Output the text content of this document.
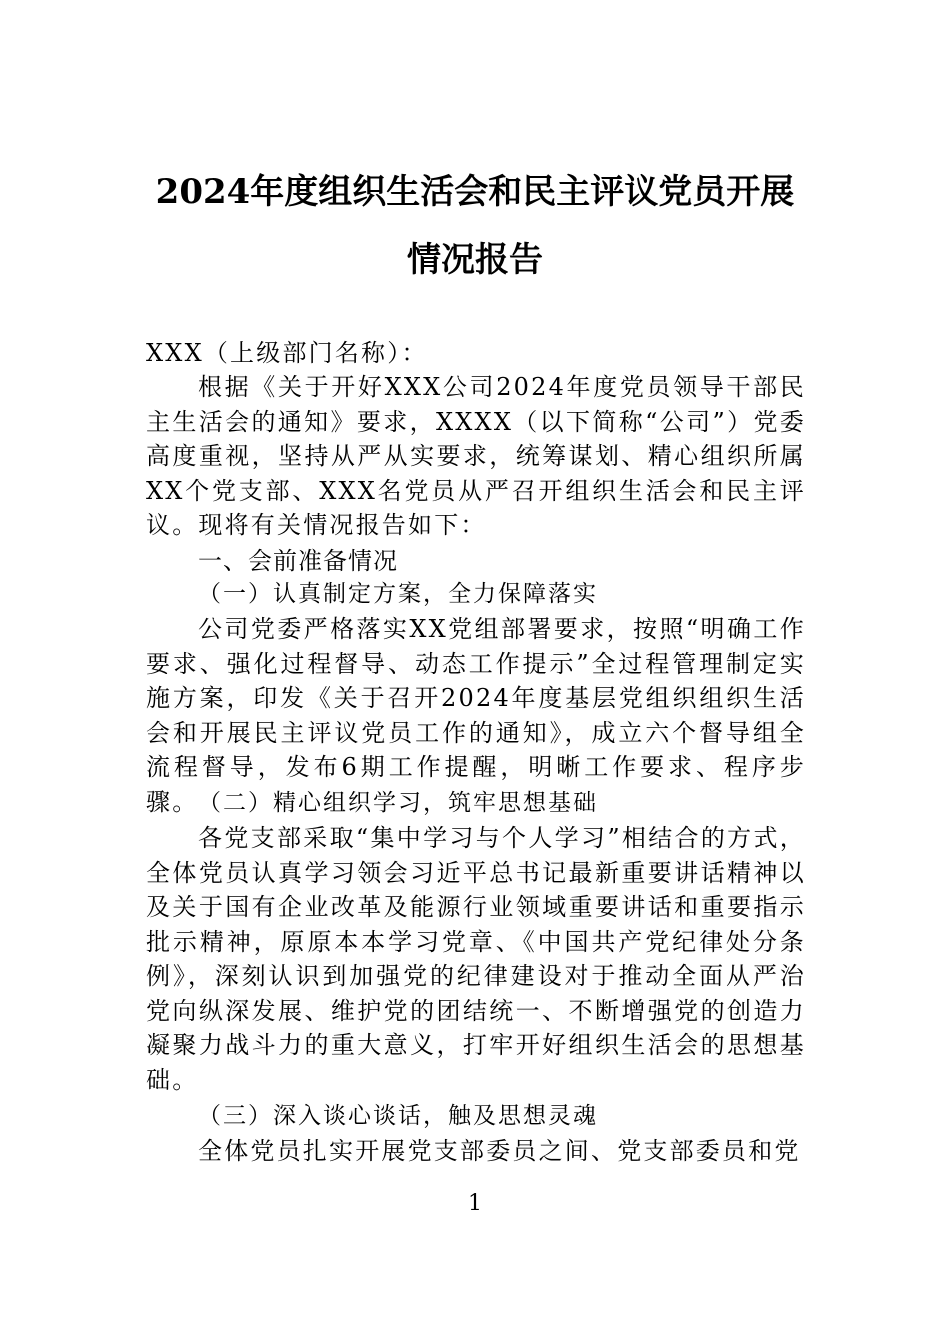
2024年度组织生活会和民主评议党员开展
情况报告
XXX（上级部门名称）：
根据《关于开好XXX公司2024年度党员领导干部民主生活会的通知》要求，XXXX（以下简称“公司”）党委高度重视，坚持从严从实要求，统筹谋划、精心组织所属XX个党支部、XXX名党员从严召开组织生活会和民主评议。现将有关情况报告如下：
一、会前准备情况
（一）认真制定方案，全力保障落实
公司党委严格落实XX党组部署要求，按照“明确工作要求、强化过程督导、动态工作提示”全过程管理制定实施方案，印发《关于召开2024年度基层党组织组织生活会和开展民主评议党员工作的通知》，成立六个督导组全流程督导，发布6期工作提醒，明晰工作要求、程序步骤。 （二）精心组织学习，筑牢思想基础
各党支部采取“集中学习与个人学习”相结合的方式，全体党员认真学习领会习近平总书记最新重要讲话精神以及关于国有企业改革及能源行业领域重要讲话和重要指示批示精神，原原本本学习党章、《中国共产党纪律处分条例》，深刻认识到加强党的纪律建设对于推动全面从严治党向纵深发展、维护党的团结统一、不断增强党的创造力凝聚力战斗力的重大意义，打牢开好组织生活会的思想基础。
（三）深入谈心谈话，触及思想灵魂
全体党员扎实开展党支部委员之间、党支部委员和党
1
